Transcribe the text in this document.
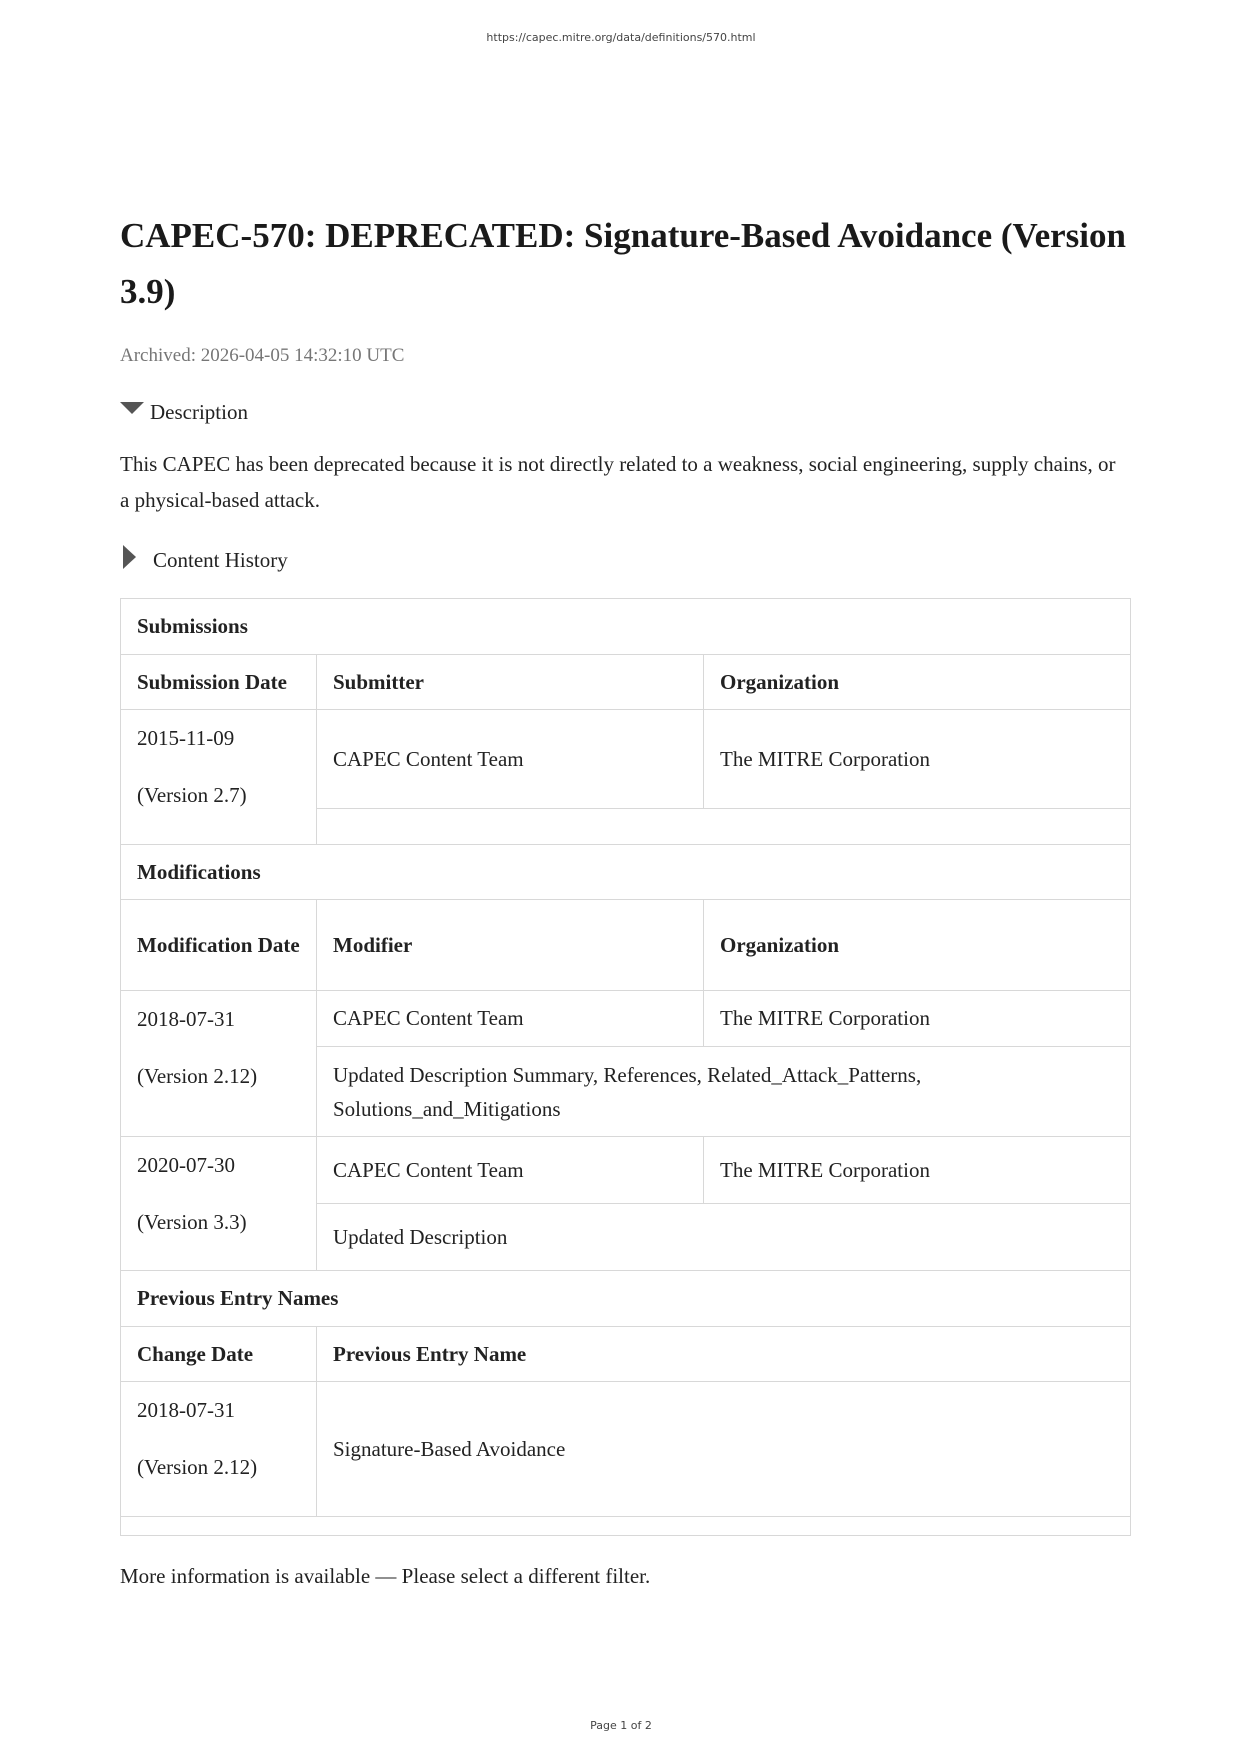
https://capec.mitre.org/data/definitions/570.html
CAPEC-570: DEPRECATED: Signature-Based Avoidance (Version 3.9)
Archived: 2026-04-05 14:32:10 UTC
Description
This CAPEC has been deprecated because it is not directly related to a weakness, social engineering, supply chains, or a physical-based attack.
Content History
Submissions		
Submission Date	Submitter	Organization

2015-11-09
(Version 2.7)	CAPEC Content Team	The MITRE Corporation

Modifications		
Modification Date	Modifier	Organization

2018-07-31
(Version 2.12)	CAPEC Content Team	The MITRE Corporation
	Updated Description Summary, References, Related_Attack_Patterns, Solutions_and_Mitigations	

2020-07-30
(Version 3.3)	CAPEC Content Team	The MITRE Corporation
	Updated Description	
Previous Entry Names		
Change Date	Previous Entry Name	

2018-07-31
(Version 2.12)	Signature-Based Avoidance	

More information is available — Please select a different filter.
Page 1 of 2
